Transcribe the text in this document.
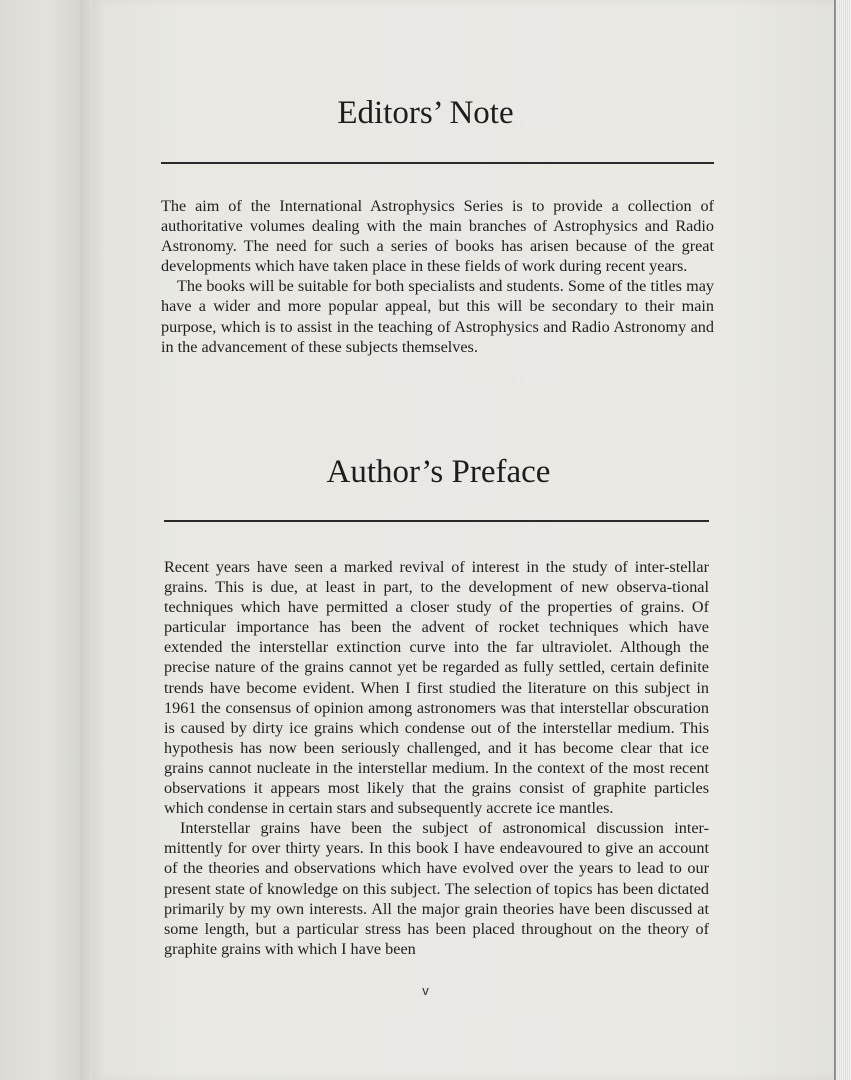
Editors’ Note

The aim of the International Astrophysics Series is to provide a collection of authoritative volumes dealing with the main branches of Astrophysics and Radio Astronomy. The need for such a series of books has arisen because of the great developments which have taken place in these fields of work during recent years.

The books will be suitable for both specialists and students. Some of the titles may have a wider and more popular appeal, but this will be secondary to their main purpose, which is to assist in the teaching of Astrophysics and Radio Astronomy and in the advancement of these subjects themselves.

Author’s Preface

Recent years have seen a marked revival of interest in the study of inter-stellar grains. This is due, at least in part, to the development of new observa-tional techniques which have permitted a closer study of the properties of grains. Of particular importance has been the advent of rocket techniques which have extended the interstellar extinction curve into the far ultraviolet. Although the precise nature of the grains cannot yet be regarded as fully settled, certain definite trends have become evident. When I first studied the literature on this subject in 1961 the consensus of opinion among astronomers was that interstellar obscuration is caused by dirty ice grains which condense out of the interstellar medium. This hypothesis has now been seriously challenged, and it has become clear that ice grains cannot nucleate in the interstellar medium. In the context of the most recent observations it appears most likely that the grains consist of graphite particles which condense in certain stars and subsequently accrete ice mantles.

Interstellar grains have been the subject of astronomical discussion inter-mittently for over thirty years. In this book I have endeavoured to give an account of the theories and observations which have evolved over the years to lead to our present state of knowledge on this subject. The selection of topics has been dictated primarily by my own interests. All the major grain theories have been discussed at some length, but a particular stress has been placed throughout on the theory of graphite grains with which I have been

v
